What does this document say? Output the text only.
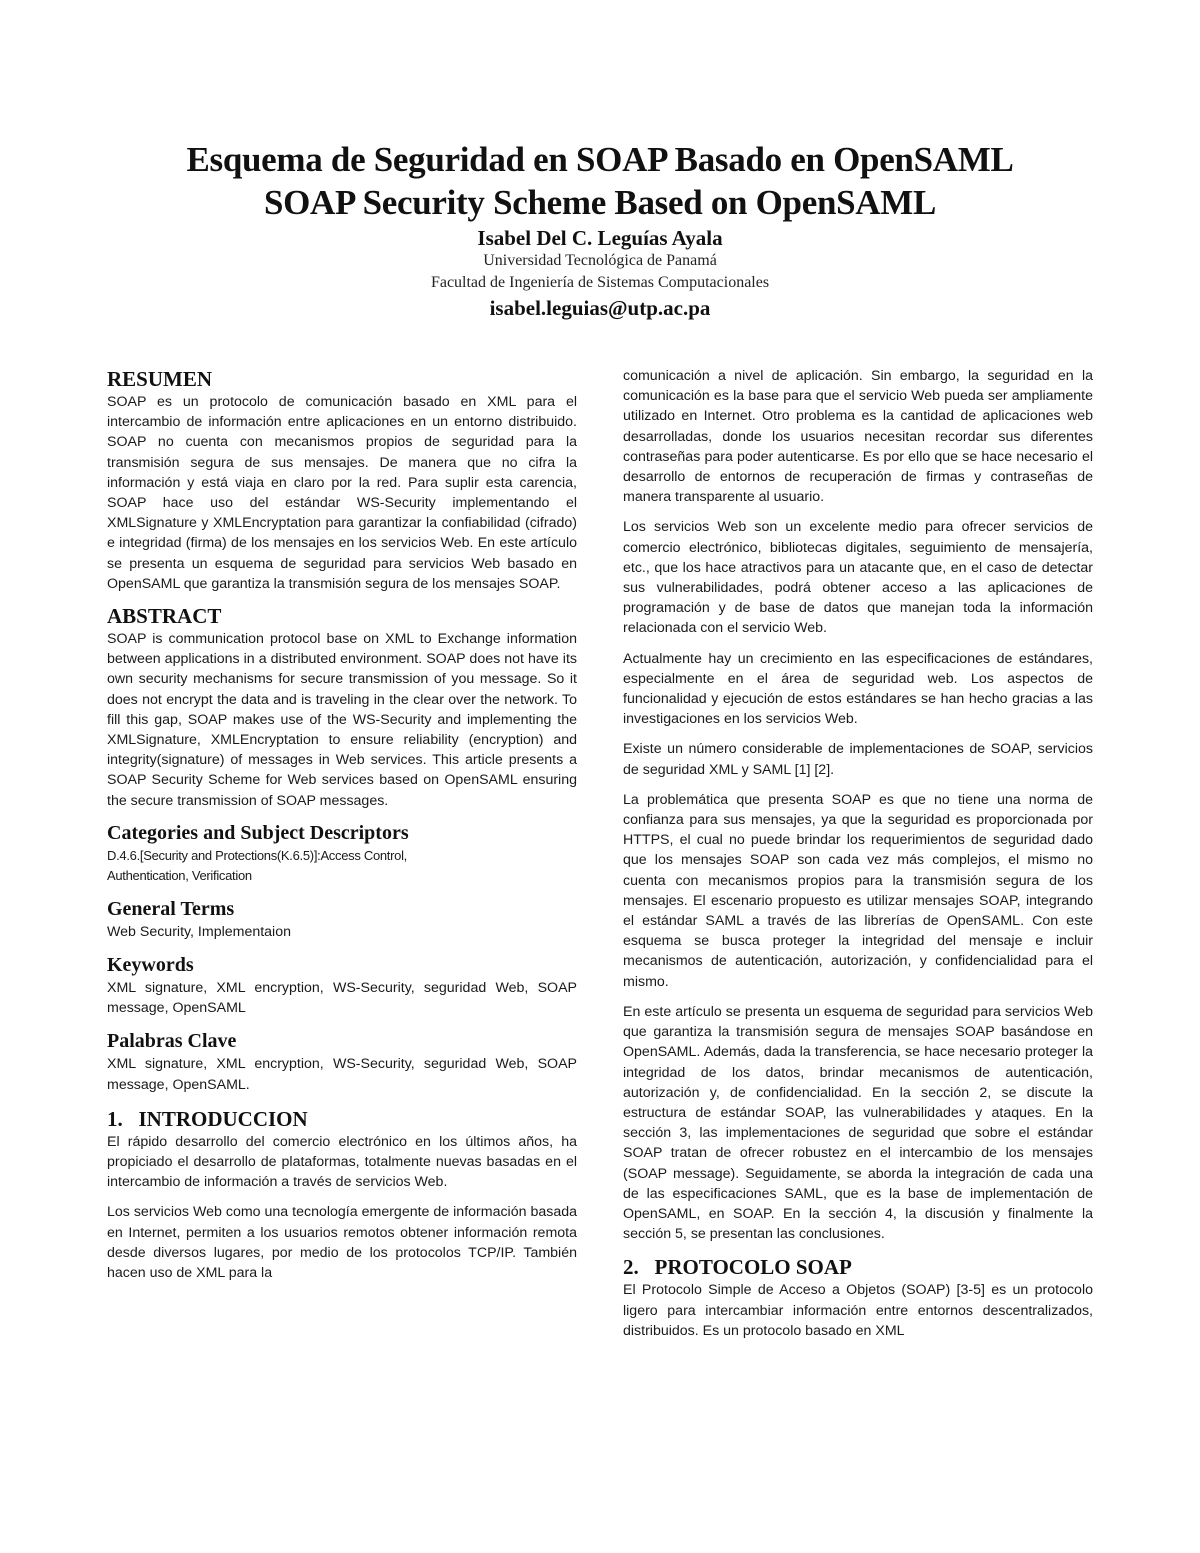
Esquema de Seguridad en SOAP Basado en OpenSAML
SOAP Security Scheme Based on OpenSAML
Isabel Del C. Leguías Ayala
Universidad Tecnológica de Panamá
Facultad de Ingeniería de Sistemas Computacionales
isabel.leguias@utp.ac.pa
RESUMEN

SOAP es un protocolo de comunicación basado en XML para el intercambio de información entre aplicaciones en un entorno distribuido. SOAP no cuenta con mecanismos propios de seguridad para la transmisión segura de sus mensajes. De manera que no cifra la información y está viaja en claro por la red. Para suplir esta carencia, SOAP hace uso del estándar WS-Security implementando el XMLSignature y XMLEncryptation para garantizar la confiabilidad (cifrado) e integridad (firma) de los mensajes en los servicios Web. En este artículo se presenta un esquema de seguridad para servicios Web basado en OpenSAML que garantiza la transmisión segura de los mensajes SOAP.

ABSTRACT

SOAP is communication protocol base on XML to Exchange information between applications in a distributed environment. SOAP does not have its own security mechanisms for secure transmission of you message. So it does not encrypt the data and is traveling in the clear over the network. To fill this gap, SOAP makes use of the WS-Security and implementing the XMLSignature, XMLEncryptation to ensure reliability (encryption) and integrity(signature) of messages in Web services. This article presents a SOAP Security Scheme for Web services based on OpenSAML ensuring the secure transmission of SOAP messages.

Categories and Subject Descriptors
D.4.6.[Security and Protections(K.6.5)]:Access Control,
Authentication, Verification
General Terms

Web Security, Implementaion

Keywords

XML signature, XML encryption, WS-Security, seguridad Web, SOAP message, OpenSAML

Palabras Clave

XML signature, XML encryption, WS-Security, seguridad Web, SOAP message, OpenSAML.

1.   INTRODUCCION

El rápido desarrollo del comercio electrónico en los últimos años, ha propiciado el desarrollo de plataformas, totalmente nuevas basadas en el intercambio de información a través de servicios Web.

Los servicios Web como una tecnología emergente de información basada en Internet, permiten a los usuarios remotos obtener información remota desde diversos lugares, por medio de los protocolos TCP/IP. También hacen uso de XML para la

comunicación a nivel de aplicación. Sin embargo, la seguridad en la comunicación es la base para que el servicio Web pueda ser ampliamente utilizado en Internet. Otro problema es la cantidad de aplicaciones web desarrolladas, donde los usuarios necesitan recordar sus diferentes contraseñas para poder autenticarse. Es por ello que se hace necesario el desarrollo de entornos de recuperación de firmas y contraseñas de manera transparente al usuario.

Los servicios Web son un excelente medio para ofrecer servicios de comercio electrónico, bibliotecas digitales, seguimiento de mensajería, etc., que los hace atractivos para un atacante que, en el caso de detectar sus vulnerabilidades, podrá obtener acceso a las aplicaciones de programación y de base de datos que manejan toda la información relacionada con el servicio Web.

Actualmente hay un crecimiento en las especificaciones de estándares, especialmente en el área de seguridad web. Los aspectos de funcionalidad y ejecución de estos estándares se han hecho gracias a las investigaciones en los servicios Web.

Existe un número considerable de implementaciones de SOAP, servicios de seguridad XML y SAML [1] [2].

La problemática que presenta SOAP es que no tiene una norma de confianza para sus mensajes, ya que la seguridad es proporcionada por HTTPS, el cual no puede brindar los requerimientos de seguridad dado que los mensajes SOAP son cada vez más complejos, el mismo no cuenta con mecanismos propios para la transmisión segura de los mensajes. El escenario propuesto es utilizar mensajes SOAP, integrando el estándar SAML a través de las librerías de OpenSAML. Con este esquema se busca proteger la integridad del mensaje e incluir mecanismos de autenticación, autorización, y confidencialidad para el mismo.

En este artículo se presenta un esquema de seguridad para servicios Web que garantiza la transmisión segura de mensajes SOAP basándose en OpenSAML. Además, dada la transferencia, se hace necesario proteger la integridad de los datos, brindar mecanismos de autenticación, autorización y, de confidencialidad. En la sección 2, se discute la estructura de estándar SOAP, las vulnerabilidades y ataques. En la sección 3, las implementaciones de seguridad que sobre el estándar SOAP tratan de ofrecer robustez en el intercambio de los mensajes (SOAP message). Seguidamente, se aborda la integración de cada una de las especificaciones SAML, que es la base de implementación de OpenSAML, en SOAP. En la sección 4, la discusión y finalmente la sección 5, se presentan las conclusiones.

2.   PROTOCOLO SOAP

El Protocolo Simple de Acceso a Objetos (SOAP) [3-5] es un protocolo ligero para intercambiar información entre entornos descentralizados, distribuidos. Es un protocolo basado en XML
